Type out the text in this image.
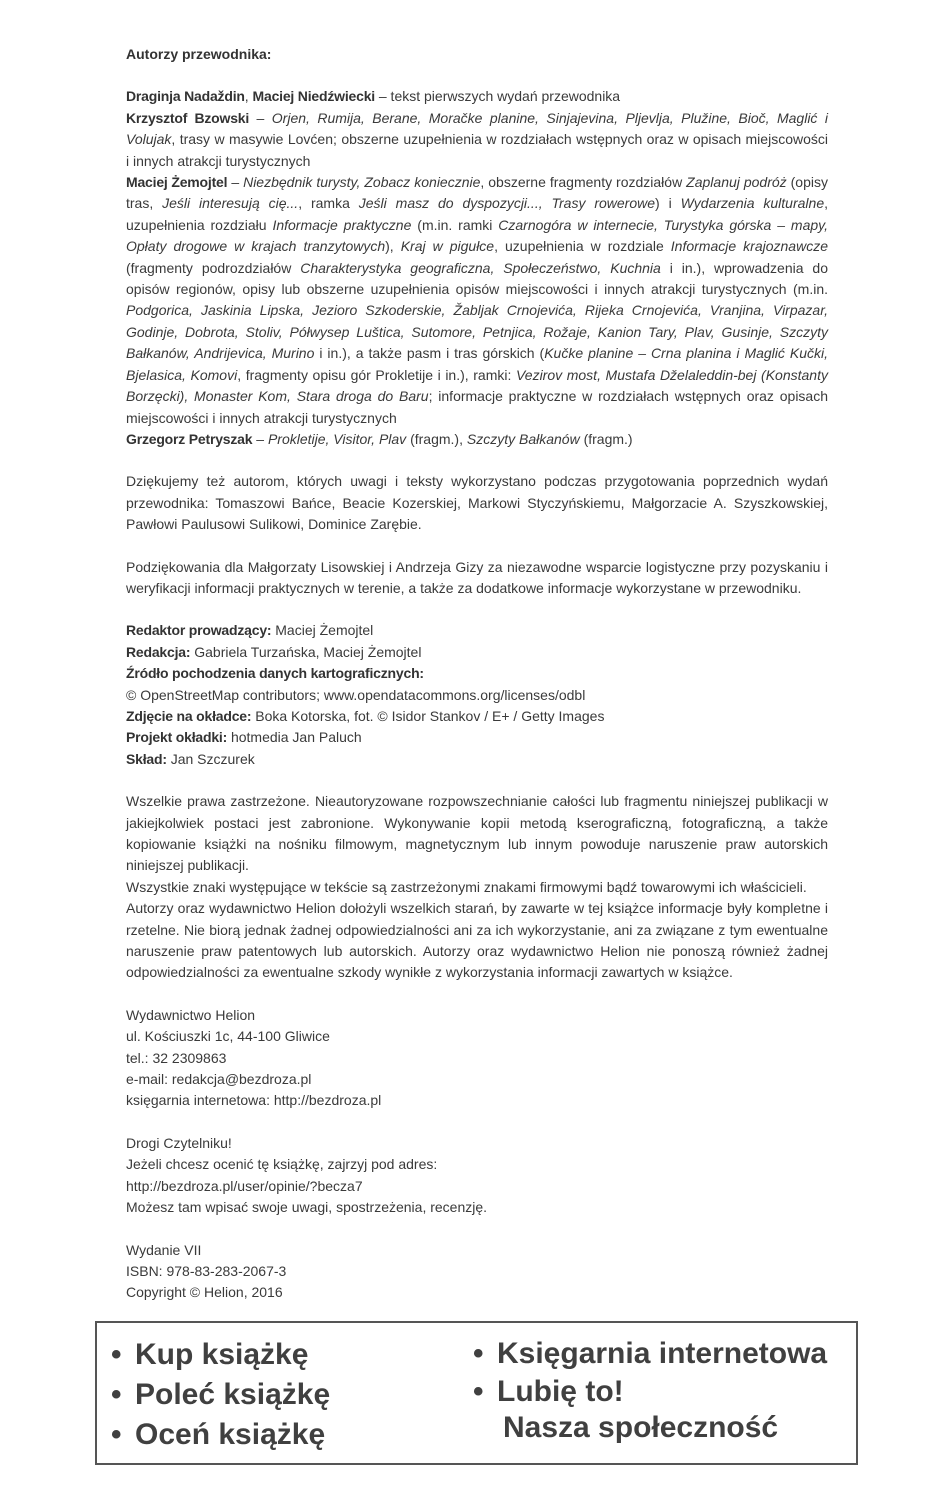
Autorzy przewodnika:

Draginja Nadaždin, Maciej Niedźwiecki – tekst pierwszych wydań przewodnika

Krzysztof Bzowski – Orjen, Rumija, Berane, Moračke planine, Sinjajevina, Pljevlja, Plužine, Bioč, Maglić i Volujak, trasy w masywie Lovćen; obszerne uzupełnienia w rozdziałach wstępnych oraz w opisach miejscowości i innych atrakcji turystycznych

Maciej Żemojtel – Niezbędnik turysty, Zobacz koniecznie, obszerne fragmenty rozdziałów Zaplanuj podróż (opisy tras, Jeśli interesują cię..., ramka Jeśli masz do dyspozycji..., Trasy rowerowe) i Wydarzenia kulturalne, uzupełnienia rozdziału Informacje praktyczne (m.in. ramki Czarnogóra w internecie, Turystyka górska – mapy, Opłaty drogowe w krajach tranzytowych), Kraj w pigułce, uzupełnienia w rozdziale Informacje krajoznawcze (fragmenty podrozdziałów Charakterystyka geograficzna, Społeczeństwo, Kuchnia i in.), wprowadzenia do opisów regionów, opisy lub obszerne uzupełnienia opisów miejscowości i innych atrakcji turystycznych (m.in. Podgorica, Jaskinia Lipska, Jezioro Szkoderskie, Žabljak Crnojevića, Rijeka Crnojevića, Vranjina, Virpazar, Godinje, Dobrota, Stoliv, Półwysep Luštica, Sutomore, Petnjica, Rožaje, Kanion Tary, Plav, Gusinje, Szczyty Bałkanów, Andrijevica, Murino i in.), a także pasm i tras górskich (Kučke planine – Crna planina i Maglić Kučki, Bjelasica, Komovi, fragmenty opisu gór Prokletije i in.), ramki: Vezirov most, Mustafa Dželaleddin-bej (Konstanty Borzęcki), Monaster Kom, Stara droga do Baru; informacje praktyczne w rozdziałach wstępnych oraz opisach miejscowości i innych atrakcji turystycznych

Grzegorz Petryszak – Prokletije, Visitor, Plav (fragm.), Szczyty Bałkanów (fragm.)

Dziękujemy też autorom, których uwagi i teksty wykorzystano podczas przygotowania poprzednich wydań przewodnika: Tomaszowi Bańce, Beacie Kozerskiej, Markowi Styczyńskiemu, Małgorzacie A. Szyszkowskiej, Pawłowi Paulusowi Sulikowi, Dominice Zarębie.

Podziękowania dla Małgorzaty Lisowskiej i Andrzeja Gizy za niezawodne wsparcie logistyczne przy pozyskaniu i weryfikacji informacji praktycznych w terenie, a także za dodatkowe informacje wykorzystane w przewodniku.

Redaktor prowadzący: Maciej Żemojtel

Redakcja: Gabriela Turzańska, Maciej Żemojtel

Źródło pochodzenia danych kartograficznych:

© OpenStreetMap contributors; www.opendatacommons.org/licenses/odbl

Zdjęcie na okładce: Boka Kotorska, fot. © Isidor Stankov / E+ / Getty Images

Projekt okładki: hotmedia Jan Paluch

Skład: Jan Szczurek

Wszelkie prawa zastrzeżone. Nieautoryzowane rozpowszechnianie całości lub fragmentu niniejszej publikacji w jakiejkolwiek postaci jest zabronione. Wykonywanie kopii metodą kserograficzną, fotograficzną, a także kopiowanie książki na nośniku filmowym, magnetycznym lub innym powoduje naruszenie praw autorskich niniejszej publikacji.

Wszystkie znaki występujące w tekście są zastrzeżonymi znakami firmowymi bądź towarowymi ich właścicieli.

Autorzy oraz wydawnictwo Helion dołożyli wszelkich starań, by zawarte w tej książce informacje były kompletne i rzetelne. Nie biorą jednak żadnej odpowiedzialności ani za ich wykorzystanie, ani za związane z tym ewentualne naruszenie praw patentowych lub autorskich. Autorzy oraz wydawnictwo Helion nie ponoszą również żadnej odpowiedzialności za ewentualne szkody wynikłe z wykorzystania informacji zawartych w książce.

Wydawnictwo Helion

ul. Kościuszki 1c, 44-100 Gliwice

tel.: 32 2309863

e-mail: redakcja@bezdroza.pl

księgarnia internetowa: http://bezdroza.pl

Drogi Czytelniku!

Jeżeli chcesz ocenić tę książkę, zajrzyj pod adres:

http://bezdroza.pl/user/opinie/?becza7

Możesz tam wpisać swoje uwagi, spostrzeżenia, recenzję.

Wydanie VII

ISBN: 978-83-283-2067-3

Copyright © Helion, 2016

• Kup książkę
• Poleć książkę
• Oceń książkę
• Księgarnia internetowa
• Lubię to!
Nasza społeczność
